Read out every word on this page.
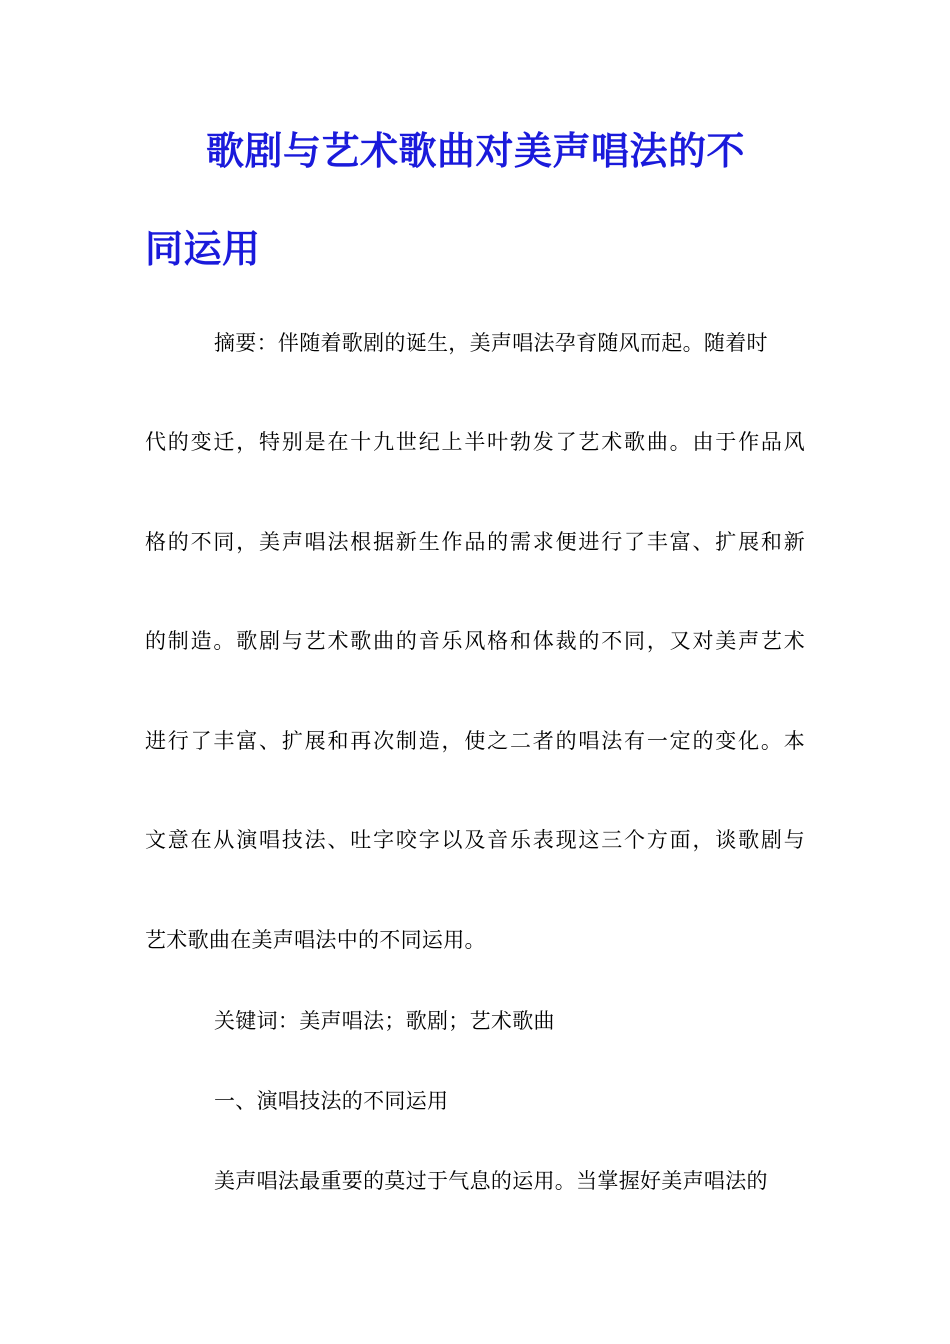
歌剧与艺术歌曲对美声唱法的不
同运用
摘要：伴随着歌剧的诞生，美声唱法孕育随风而起。随着时
代的变迁，特别是在十九世纪上半叶勃发了艺术歌曲。由于作品风
格的不同，美声唱法根据新生作品的需求便进行了丰富、扩展和新
的制造。歌剧与艺术歌曲的音乐风格和体裁的不同，又对美声艺术
进行了丰富、扩展和再次制造，使之二者的唱法有一定的变化。本
文意在从演唱技法、吐字咬字以及音乐表现这三个方面，谈歌剧与
艺术歌曲在美声唱法中的不同运用。
关键词：美声唱法；歌剧；艺术歌曲
一、演唱技法的不同运用
美声唱法最重要的莫过于气息的运用。当掌握好美声唱法的
